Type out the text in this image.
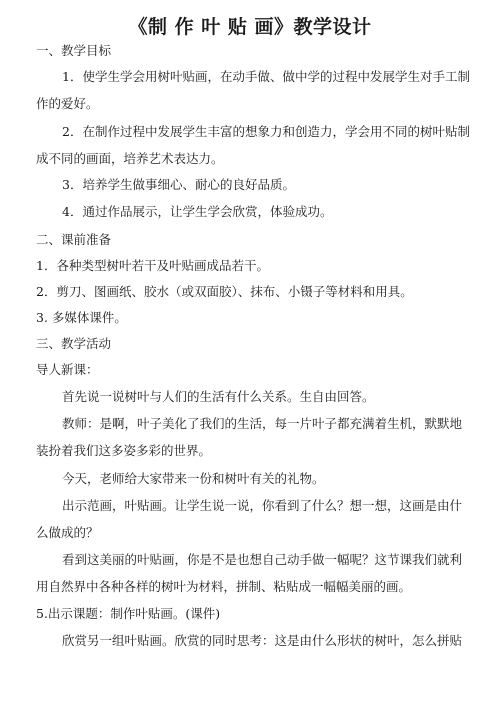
《制 作 叶 贴 画》教学设计
一、教学目标
1．使学生学会用树叶贴画，在动手做、做中学的过程中发展学生对手工制
作的爱好。
2．在制作过程中发展学生丰富的想象力和创造力，学会用不同的树叶贴制
成不同的画面，培养艺术表达力。
3．培养学生做事细心、耐心的良好品质。
4．通过作品展示，让学生学会欣赏，体验成功。
二、课前准备
1．各种类型树叶若干及叶贴画成品若干。
2．剪刀、图画纸、胶水（或双面胶）、抹布、小镊子等材料和用具。
3. 多媒体课件。
三、教学活动
导人新课：
首先说一说树叶与人们的生活有什么关系。生自由回答。
教师：是啊，叶子美化了我们的生活，每一片叶子都充满着生机，默默地
装扮着我们这多姿多彩的世界。
今天，老师给大家带来一份和树叶有关的礼物。
出示范画，叶贴画。让学生说一说，你看到了什么？想一想，这画是由什
么做成的？
看到这美丽的叶贴画，你是不是也想自己动手做一幅呢？这节课我们就利
用自然界中各种各样的树叶为材料，拼制、粘贴成一幅幅美丽的画。
5.出示课题：制作叶贴画。(课件)
欣赏另一组叶贴画。欣赏的同时思考：这是由什么形状的树叶，怎么拼贴
